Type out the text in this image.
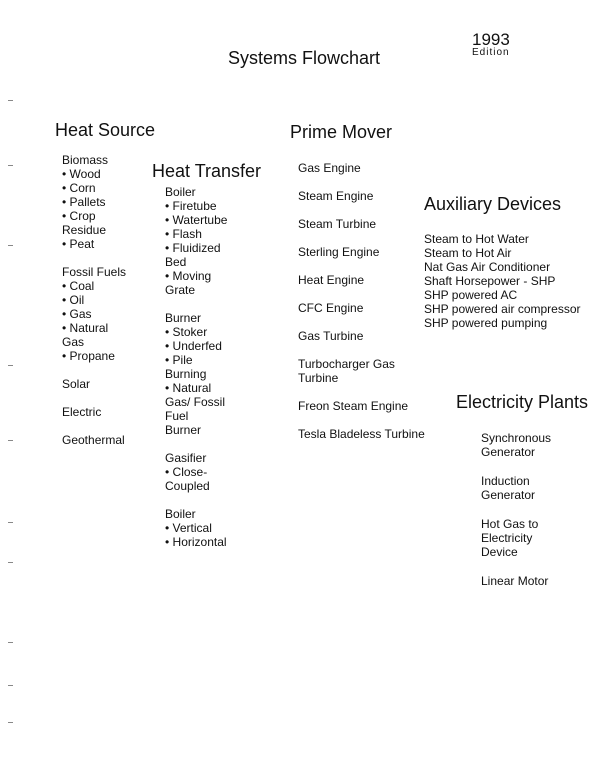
Systems Flowchart
1993
Edition
Heat Source
Biomass
• Wood
• Corn
• Pallets
• Crop
Residue
• Peat
Fossil Fuels
• Coal
• Oil
• Gas
• Natural
Gas
• Propane
Solar
Electric
Geothermal
Heat Transfer
Boiler
• Firetube
• Watertube
• Flash
• Fluidized
Bed
• Moving
Grate
Burner
• Stoker
• Underfed
• Pile
Burning
• Natural
Gas/ Fossil
Fuel
Burner
Gasifier
• Close-
Coupled
Boiler
• Vertical
• Horizontal
Prime Mover
Gas Engine
Steam Engine
Steam Turbine
Sterling Engine
Heat Engine
CFC Engine
Gas Turbine
Turbocharger Gas
Turbine
Freon Steam Engine
Tesla Bladeless Turbine
Auxiliary Devices
Steam to Hot Water
Steam to Hot Air
Nat Gas Air Conditioner
Shaft Horsepower - SHP
SHP powered AC
SHP powered air compressor
SHP powered pumping
Electricity Plants
Synchronous
Generator
Induction
Generator
Hot Gas to
Electricity
Device
Linear Motor
